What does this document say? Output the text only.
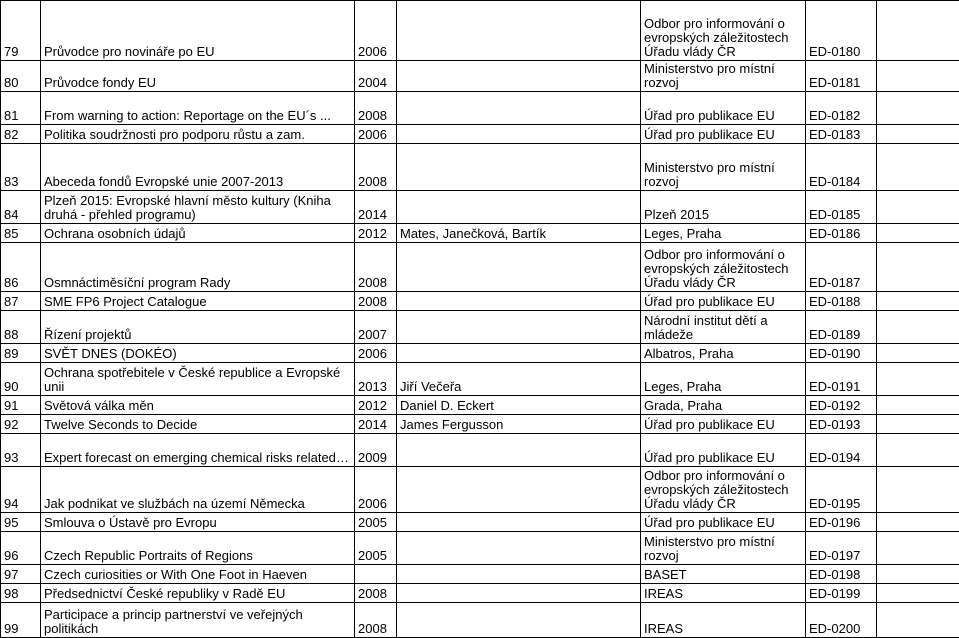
79	Průvodce pro novináře po EU	2006		Odbor pro informování o evropských záležitostech Úřadu vlády ČR	ED-0180	
80	Průvodce fondy EU	2004		Ministerstvo pro místní rozvoj	ED-0181	
81	From warning to action: Reportage on the EU´s ...	2008		Úřad pro publikace EU	ED-0182	
82	Politika soudržnosti pro podporu růstu a zam.	2006		Úřad pro publikace EU	ED-0183	
83	Abeceda fondů Evropské unie 2007-2013	2008		Ministerstvo pro místní rozvoj	ED-0184	
84	Plzeň 2015: Evropské hlavní město kultury (Kniha druhá - přehled programu)	2014		Plzeň 2015	ED-0185	
85	Ochrana osobních údajů	2012	Mates, Janečková, Bartík	Leges, Praha	ED-0186	
86	Osmnáctiměsíční program Rady	2008		Odbor pro informování o evropských záležitostech Úřadu vlády ČR	ED-0187	
87	SME FP6 Project Catalogue	2008		Úřad pro publikace EU	ED-0188	
88	Řízení projektů	2007		Národní institut dětí a mládeže	ED-0189	
89	SVĚT DNES (DOKÉO)	2006		Albatros, Praha	ED-0190	
90	Ochrana spotřebitele v České republice a Evropské unii	2013	Jiří Večeřa	Leges, Praha	ED-0191	
91	Světová válka měn	2012	Daniel D. Eckert	Grada, Praha	ED-0192	
92	Twelve Seconds to Decide	2014	James Fergusson	Úřad pro publikace EU	ED-0193	
93	Expert forecast on emerging chemical risks related…	2009		Úřad pro publikace EU	ED-0194	
94	Jak podnikat ve službách na území Německa	2006		Odbor pro informování o evropských záležitostech Úřadu vlády ČR	ED-0195	
95	Smlouva o Ústavě pro Evropu	2005		Úřad pro publikace EU	ED-0196	
96	Czech Republic Portraits of Regions	2005		Ministerstvo pro místní rozvoj	ED-0197	
97	Czech curiosities or With One Foot in Haeven			BASET	ED-0198	
98	Předsednictví České republiky v Radě EU	2008		IREAS	ED-0199	
99	Participace a princip partnerství ve veřejných politikách	2008		IREAS	ED-0200	
